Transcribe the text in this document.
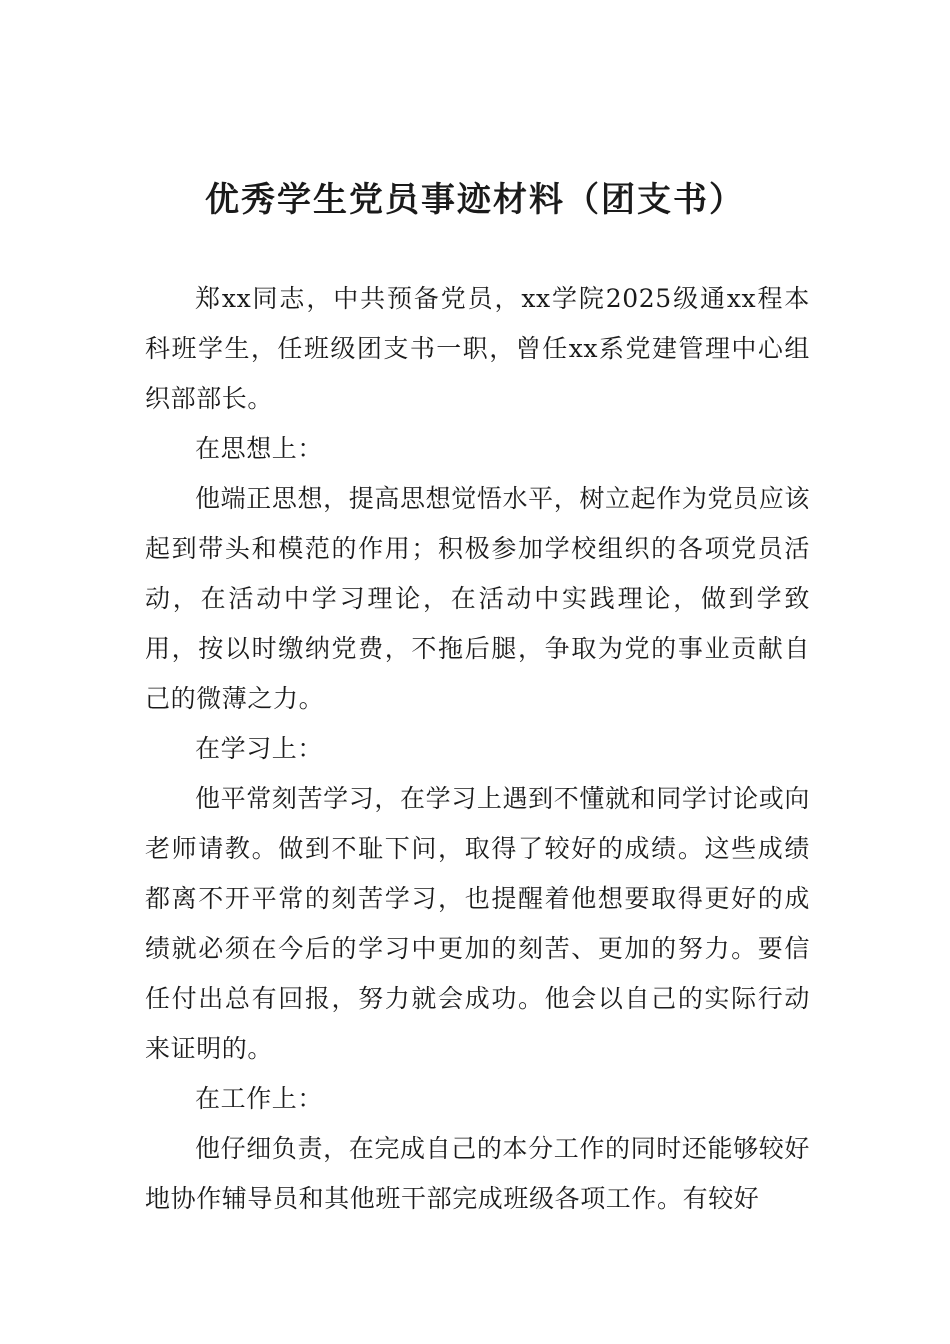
优秀学生党员事迹材料（团支书）

郑xx同志，中共预备党员，xx学院2025级通xx程本科班学生，任班级团支书一职，曾任xx系党建管理中心组织部部长。

在思想上：

他端正思想，提高思想觉悟水平，树立起作为党员应该起到带头和模范的作用；积极参加学校组织的各项党员活动，在活动中学习理论，在活动中实践理论，做到学致用，按以时缴纳党费，不拖后腿，争取为党的事业贡献自己的微薄之力。

在学习上：

他平常刻苦学习，在学习上遇到不懂就和同学讨论或向老师请教。做到不耻下问，取得了较好的成绩。这些成绩都离不开平常的刻苦学习，也提醒着他想要取得更好的成绩就必须在今后的学习中更加的刻苦、更加的努力。要信任付出总有回报，努力就会成功。他会以自己的实际行动来证明的。

在工作上：

他仔细负责，在完成自己的本分工作的同时还能够较好地协作辅导员和其他班干部完成班级各项工作。有较好
